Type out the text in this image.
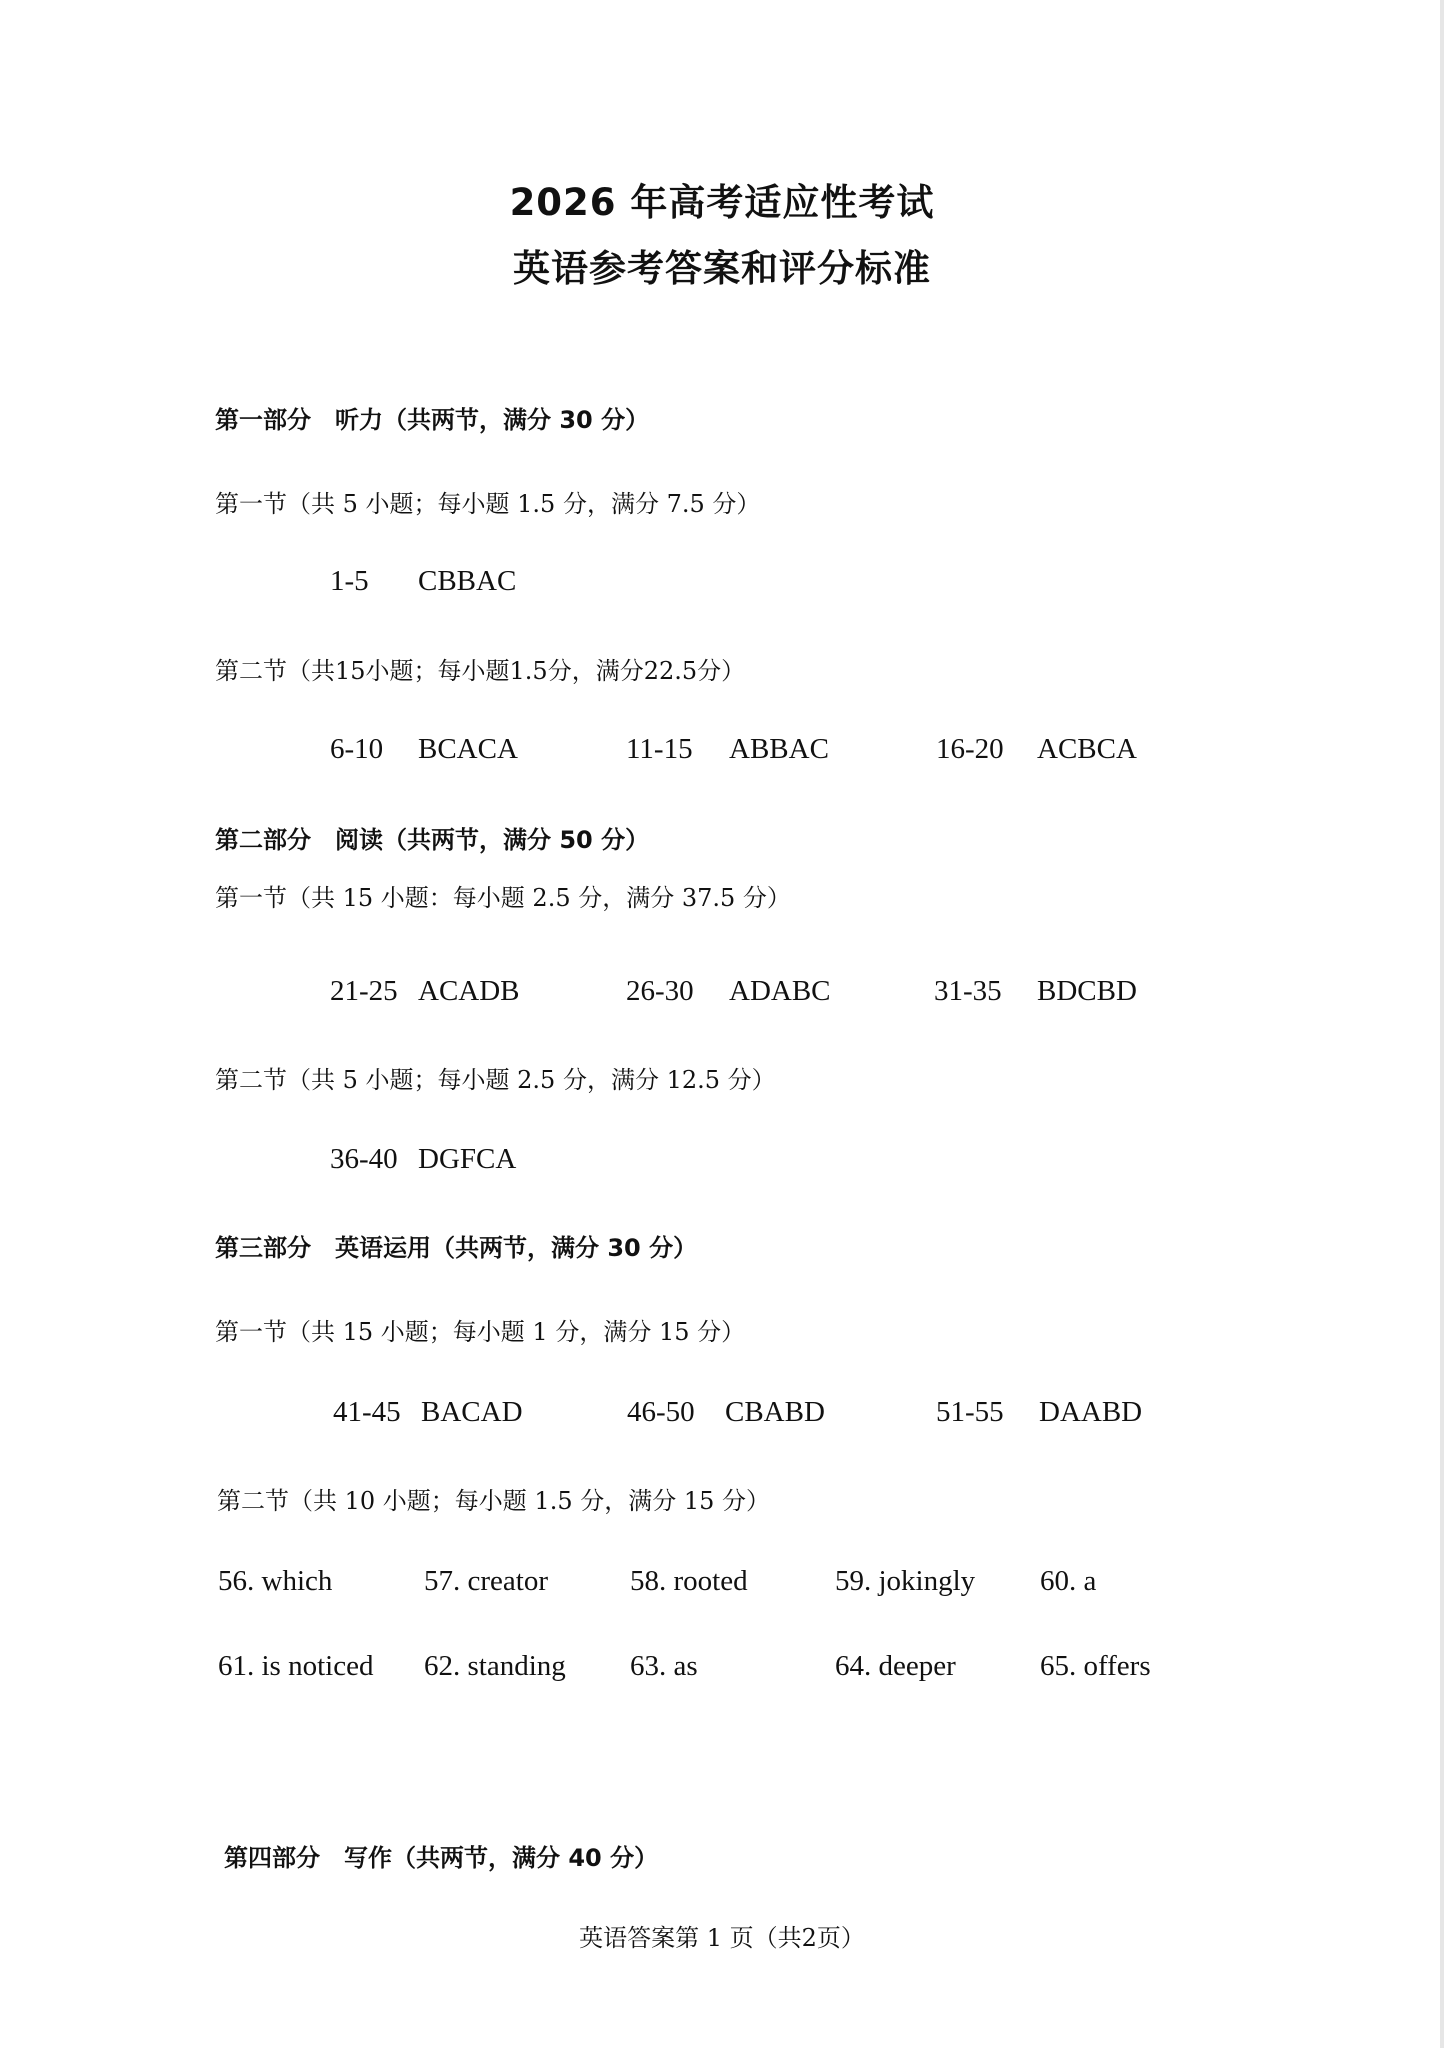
2026 年高考适应性考试
英语参考答案和评分标准
第一部分　听力（共两节，满分 30 分）
第一节（共 5 小题；每小题 1.5 分，满分 7.5 分）
1-5 CBBAC
第二节（共15小题；每小题1.5分，满分22.5分）
6-10 BCACA	11-15 ABBAC	16-20 ACBCA
第二部分　阅读（共两节，满分 50 分）
第一节（共 15 小题：每小题 2.5 分，满分 37.5 分）
21-25 ACADB	26-30 ADABC	31-35 BDCBD
第二节（共 5 小题；每小题 2.5 分，满分 12.5 分）
36-40 DGFCA
第三部分　英语运用（共两节，满分 30 分）
第一节（共 15 小题；每小题 1 分，满分 15 分）
41-45 BACAD	46-50 CBABD	51-55 DAABD
第二节（共 10 小题；每小题 1.5 分，满分 15 分）
56. which	57. creator	58. rooted	59. jokingly 60. a
61. is noticed 62. standing 63. as	64. deeper	65. offers
第四部分　写作（共两节，满分 40 分）
英语答案第 1 页（共2页）
